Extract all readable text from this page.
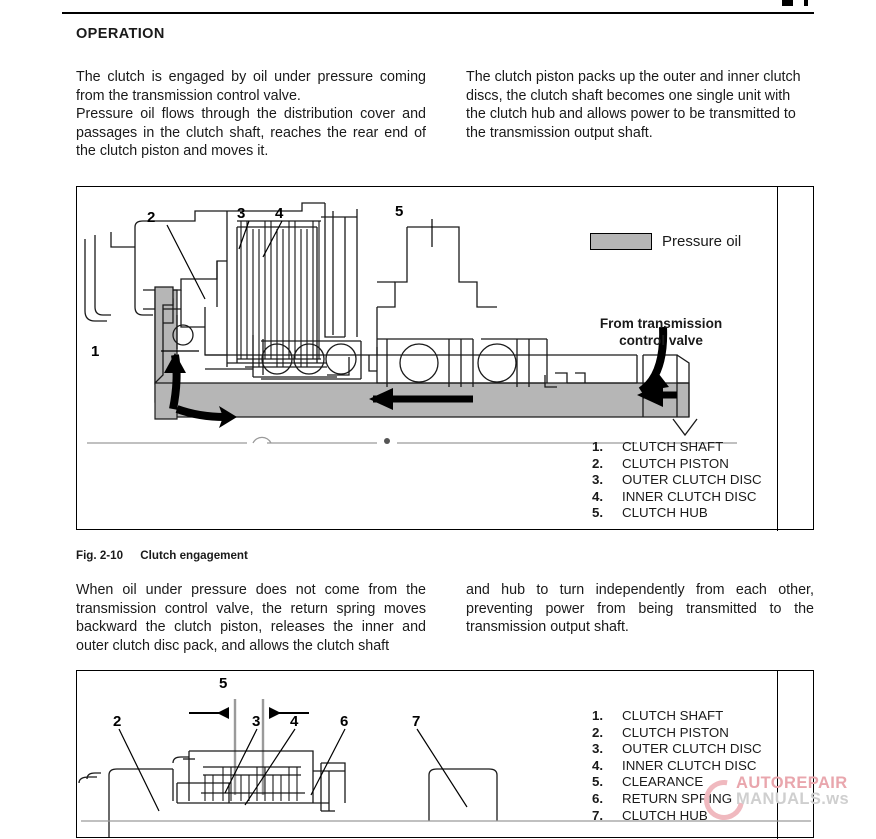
OPERATION

The clutch is engaged by oil under pressure coming from the transmission control valve.

Pressure oil flows through the distribution cover and passages in the clutch shaft, reaches the rear end of the clutch piston and moves it.

The clutch piston packs up the outer and inner clutch discs, the clutch shaft becomes one single unit with the clutch hub and allows power to be transmitted to the transmission output shaft.
1
2	3 4	5
Pressure oil
From transmission
control valve
1.	CLUTCH SHAFT
2.	CLUTCH PISTON
3.	OUTER CLUTCH DISC
4.	INNER CLUTCH DISC
5.	CLUTCH HUB
Fig. 2-10 Clutch engagement
When oil under pressure does not come from the transmission control valve, the return spring moves backward the clutch piston, releases the inner and outer clutch disc pack, and allows the clutch shaft
and hub to turn independently from each other, preventing power from being transmitted to the transmission output shaft.
5
2	3 4	6	7	1.	CLUTCH SHAFT
2.	CLUTCH PISTON
3.	OUTER CLUTCH DISC
4.	INNER CLUTCH DISC
5.	CLEARANCE
6.	RETURN SPRING
7.	CLUTCH HUB
AUTOREPAIR
MANUALS.ws
